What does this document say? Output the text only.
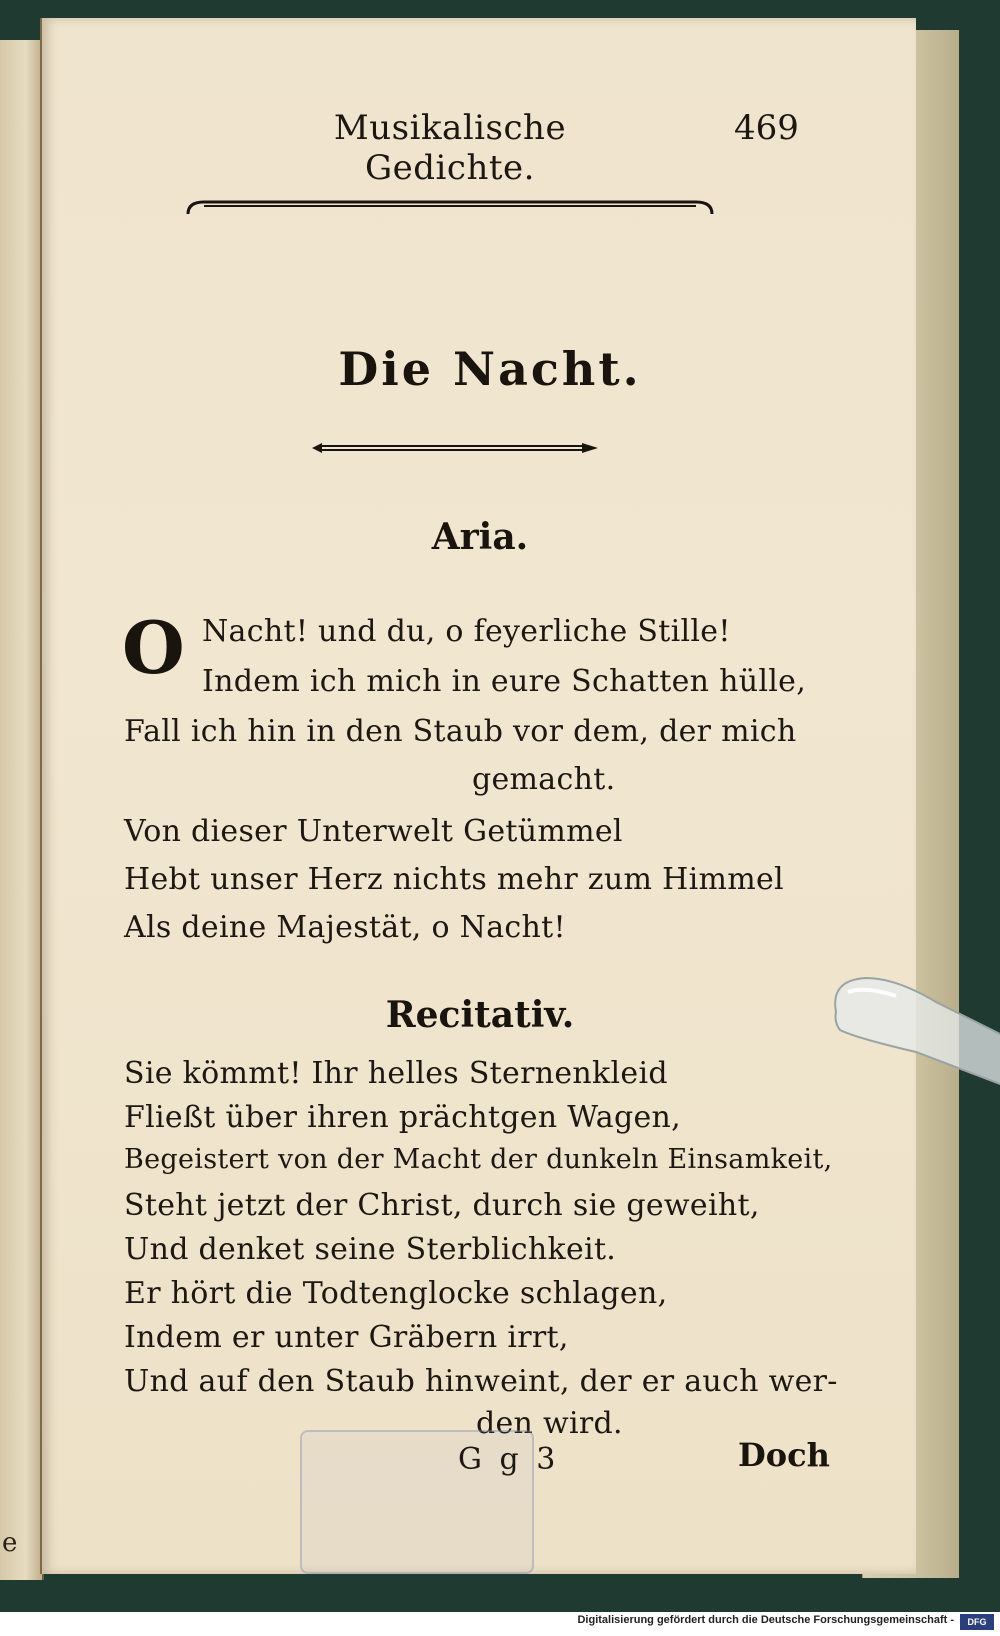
e
Musikalische Gedichte.
469
Die Nacht.
Aria.
O Nacht! und du, o feyerliche Stille!
Indem ich mich in eure Schatten hülle,
Fall ich hin in den Staub vor dem, der mich
gemacht.
Von dieser Unterwelt Getümmel
Hebt unser Herz nichts mehr zum Himmel
Als deine Majestät, o Nacht!
Recitativ.
Sie kömmt! Ihr helles Sternenkleid
Fließt über ihren prächtgen Wagen,
Begeistert von der Macht der dunkeln Einsamkeit,
Steht jetzt der Christ, durch sie geweiht,
Und denket seine Sterblichkeit.
Er hört die Todtenglocke schlagen,
Indem er unter Gräbern irrt,
Und auf den Staub hinweint, der er auch wer-
den wird.
G g 3	Doch
Digitalisierung gefördert durch die Deutsche Forschungsgemeinschaft -	DFG
